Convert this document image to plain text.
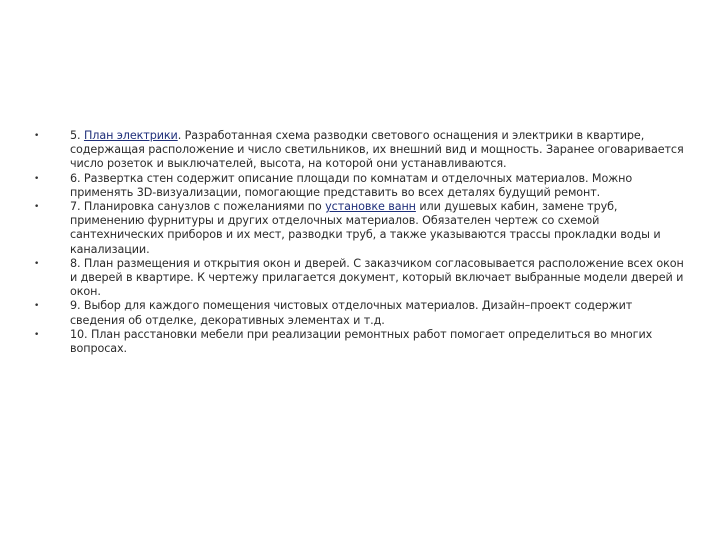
•	5. План электрики. Разработанная схема разводки светового оснащения и электрики в квартире, содержащая расположение и число светильников, их внешний вид и мощность. Заранее оговаривается число розеток и выключателей, высота, на которой они устанавливаются.
•	6. Развертка стен содержит описание площади по комнатам и отделочных материалов. Можно применять 3D-визуализации, помогающие представить во всех деталях будущий ремонт.
•	7. Планировка санузлов с пожеланиями по установке ванн или душевых кабин, замене труб, применению фурнитуры и других отделочных материалов. Обязателен чертеж со схемой сантехнических приборов и их мест, разводки труб, а также указываются трассы прокладки воды и канализации.
•	8. План размещения и открытия окон и дверей. С заказчиком согласовывается расположение всех окон и дверей в квартире. К чертежу прилагается документ, который включает выбранные модели дверей и окон.
•	9. Выбор для каждого помещения чистовых отделочных материалов. Дизайн–проект содержит сведения об отделке, декоративных элементах и т.д.
•	10. План расстановки мебели при реализации ремонтных работ помогает определиться во многих вопросах.
